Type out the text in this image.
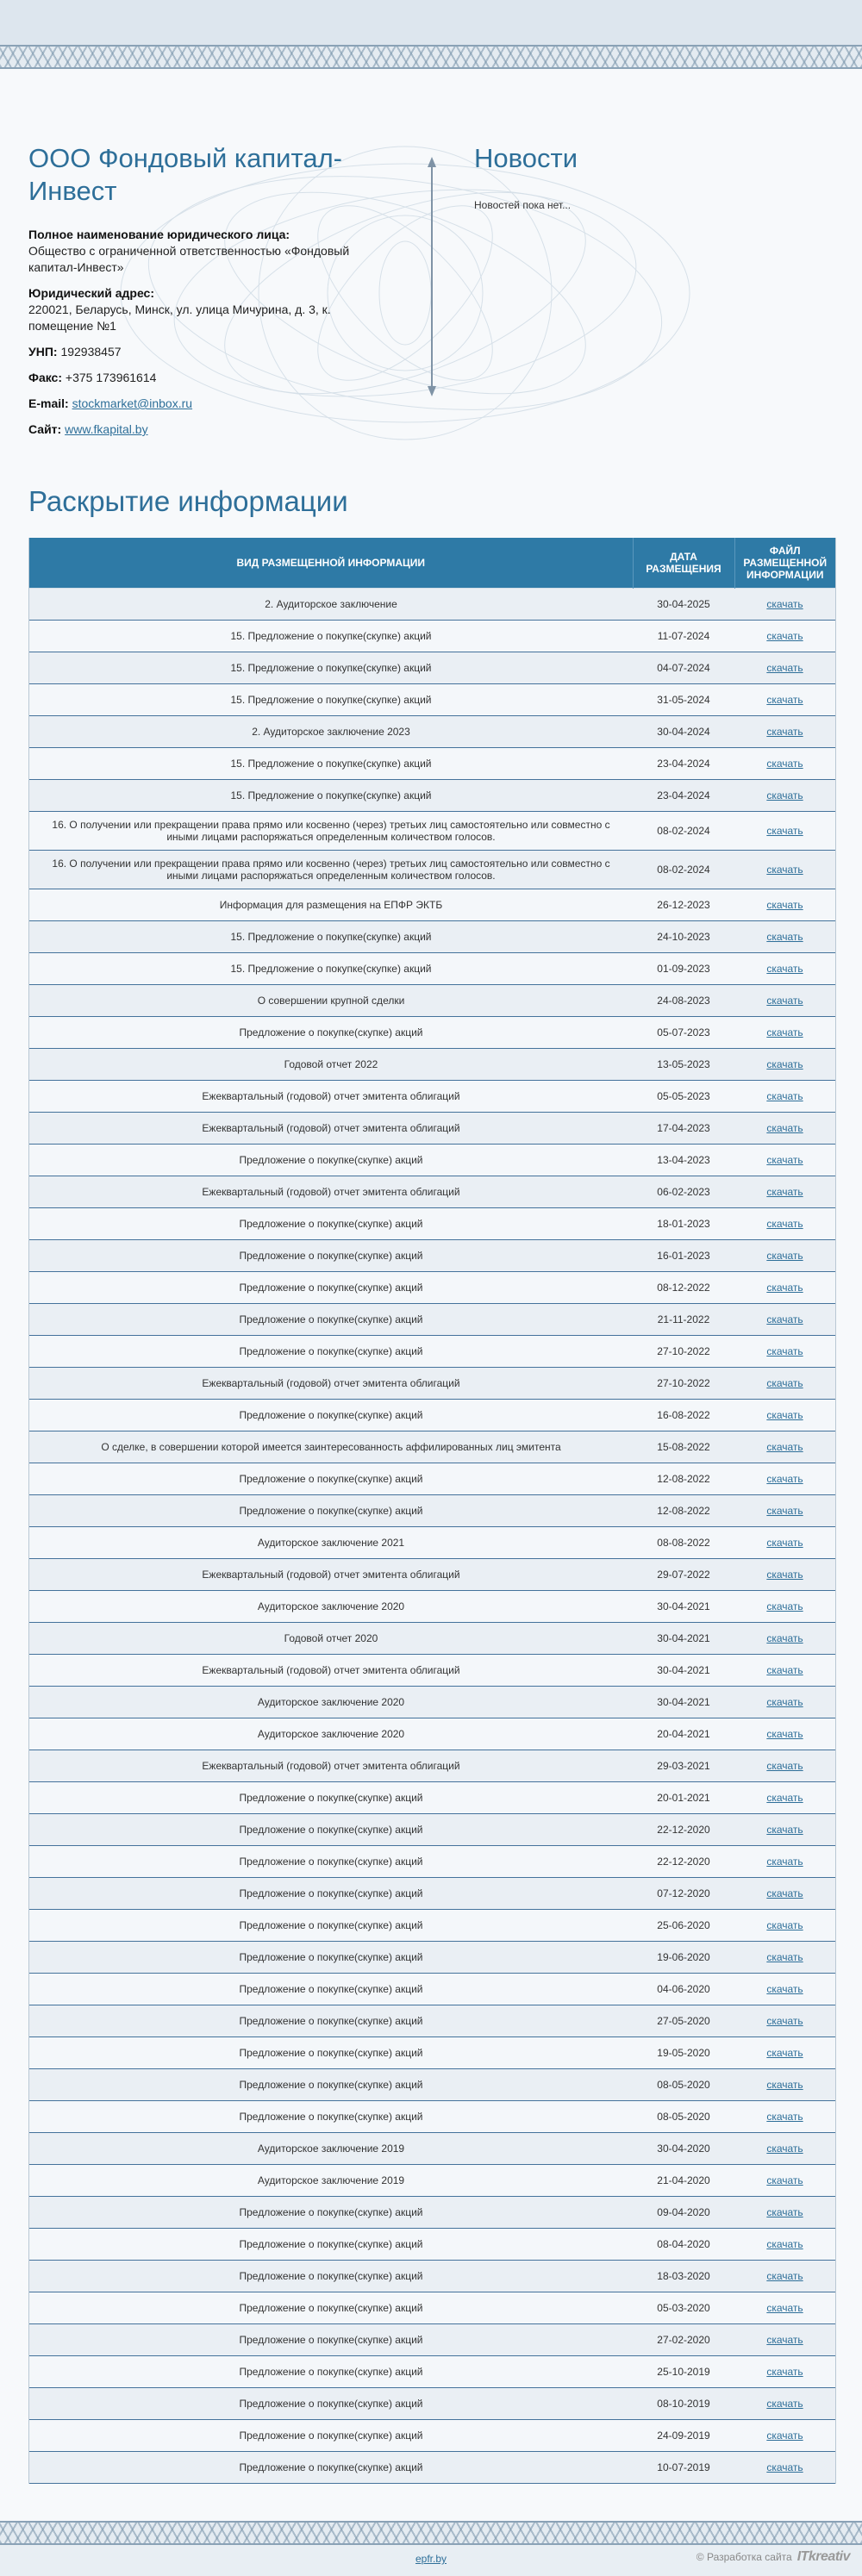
ООО Фондовый капитал-Инвест

Полное наименование юридического лица:
Общество с ограниченной ответственностью «Фондовый капитал-Инвест»

Юридический адрес:
220021, Беларусь, Минск, ул. улица Мичурина, д. 3, к. помещение №1

УНП: 192938457

Факс: +375 173961614

E-mail: stockmarket@inbox.ru

Сайт: www.fkapital.by

Новости

Новостей пока нет...

Раскрытие информации
ВИД РАЗМЕЩЕННОЙ ИНФОРМАЦИИ	ДАТА РАЗМЕЩЕНИЯ	ФАЙЛ РАЗМЕЩЕННОЙ ИНФОРМАЦИИ
2. Аудиторское заключение	30-04-2025	скачать
15. Предложение о покупке(скупке) акций	11-07-2024	скачать
15. Предложение о покупке(скупке) акций	04-07-2024	скачать
15. Предложение о покупке(скупке) акций	31-05-2024	скачать
2. Аудиторское заключение 2023	30-04-2024	скачать
15. Предложение о покупке(скупке) акций	23-04-2024	скачать
15. Предложение о покупке(скупке) акций	23-04-2024	скачать
16. О получении или прекращении права прямо или косвенно (через) третьих лиц самостоятельно или совместно с иными лицами распоряжаться определенным количеством голосов.	08-02-2024	скачать
16. О получении или прекращении права прямо или косвенно (через) третьих лиц самостоятельно или совместно с иными лицами распоряжаться определенным количеством голосов.	08-02-2024	скачать
Информация для размещения на ЕПФР ЭКТБ	26-12-2023	скачать
15. Предложение о покупке(скупке) акций	24-10-2023	скачать
15. Предложение о покупке(скупке) акций	01-09-2023	скачать
О совершении крупной сделки	24-08-2023	скачать
Предложение о покупке(скупке) акций	05-07-2023	скачать
Годовой отчет 2022	13-05-2023	скачать
Ежеквартальный (годовой) отчет эмитента облигаций	05-05-2023	скачать
Ежеквартальный (годовой) отчет эмитента облигаций	17-04-2023	скачать
Предложение о покупке(скупке) акций	13-04-2023	скачать
Ежеквартальный (годовой) отчет эмитента облигаций	06-02-2023	скачать
Предложение о покупке(скупке) акций	18-01-2023	скачать
Предложение о покупке(скупке) акций	16-01-2023	скачать
Предложение о покупке(скупке) акций	08-12-2022	скачать
Предложение о покупке(скупке) акций	21-11-2022	скачать
Предложение о покупке(скупке) акций	27-10-2022	скачать
Ежеквартальный (годовой) отчет эмитента облигаций	27-10-2022	скачать
Предложение о покупке(скупке) акций	16-08-2022	скачать
О сделке, в совершении которой имеется заинтересованность аффилированных лиц эмитента	15-08-2022	скачать
Предложение о покупке(скупке) акций	12-08-2022	скачать
Предложение о покупке(скупке) акций	12-08-2022	скачать
Аудиторское заключение 2021	08-08-2022	скачать
Ежеквартальный (годовой) отчет эмитента облигаций	29-07-2022	скачать
Аудиторское заключение 2020	30-04-2021	скачать
Годовой отчет 2020	30-04-2021	скачать
Ежеквартальный (годовой) отчет эмитента облигаций	30-04-2021	скачать
Аудиторское заключение 2020	30-04-2021	скачать
Аудиторское заключение 2020	20-04-2021	скачать
Ежеквартальный (годовой) отчет эмитента облигаций	29-03-2021	скачать
Предложение о покупке(скупке) акций	20-01-2021	скачать
Предложение о покупке(скупке) акций	22-12-2020	скачать
Предложение о покупке(скупке) акций	22-12-2020	скачать
Предложение о покупке(скупке) акций	07-12-2020	скачать
Предложение о покупке(скупке) акций	25-06-2020	скачать
Предложение о покупке(скупке) акций	19-06-2020	скачать
Предложение о покупке(скупке) акций	04-06-2020	скачать
Предложение о покупке(скупке) акций	27-05-2020	скачать
Предложение о покупке(скупке) акций	19-05-2020	скачать
Предложение о покупке(скупке) акций	08-05-2020	скачать
Предложение о покупке(скупке) акций	08-05-2020	скачать
Аудиторское заключение 2019	30-04-2020	скачать
Аудиторское заключение 2019	21-04-2020	скачать
Предложение о покупке(скупке) акций	09-04-2020	скачать
Предложение о покупке(скупке) акций	08-04-2020	скачать
Предложение о покупке(скупке) акций	18-03-2020	скачать
Предложение о покупке(скупке) акций	05-03-2020	скачать
Предложение о покупке(скупке) акций	27-02-2020	скачать
Предложение о покупке(скупке) акций	25-10-2019	скачать
Предложение о покупке(скупке) акций	08-10-2019	скачать
Предложение о покупке(скупке) акций	24-09-2019	скачать
Предложение о покупке(скупке) акций	10-07-2019	скачать
epfr.by	© Разработка сайта ITkreativ
